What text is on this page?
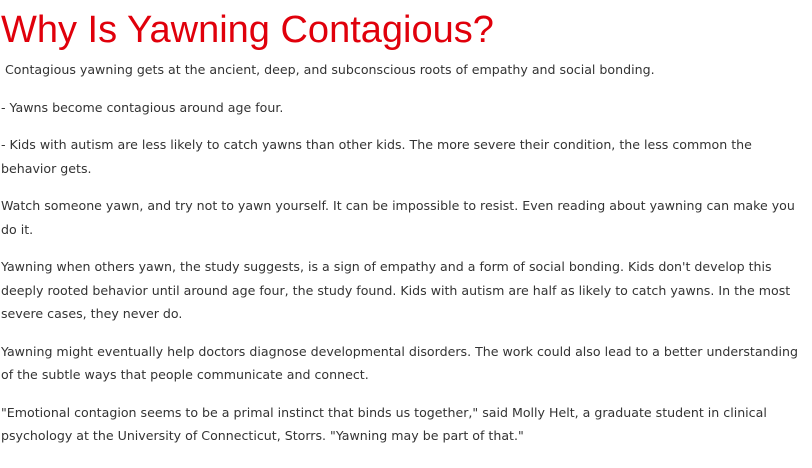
Why Is Yawning Contagious?

Contagious yawning gets at the ancient, deep, and subconscious roots of empathy and social bonding.

- Yawns become contagious around age four.

- Kids with autism are less likely to catch yawns than other kids. The more severe their condition, the less common the behavior gets.

Watch someone yawn, and try not to yawn yourself. It can be impossible to resist. Even reading about yawning can make you do it.

Yawning when others yawn, the study suggests, is a sign of empathy and a form of social bonding. Kids don't develop this deeply rooted behavior until around age four, the study found. Kids with autism are half as likely to catch yawns. In the most severe cases, they never do.

Yawning might eventually help doctors diagnose developmental disorders. The work could also lead to a better understanding of the subtle ways that people communicate and connect.

"Emotional contagion seems to be a primal instinct that binds us together," said Molly Helt, a graduate student in clinical psychology at the University of Connecticut, Storrs. "Yawning may be part of that."
